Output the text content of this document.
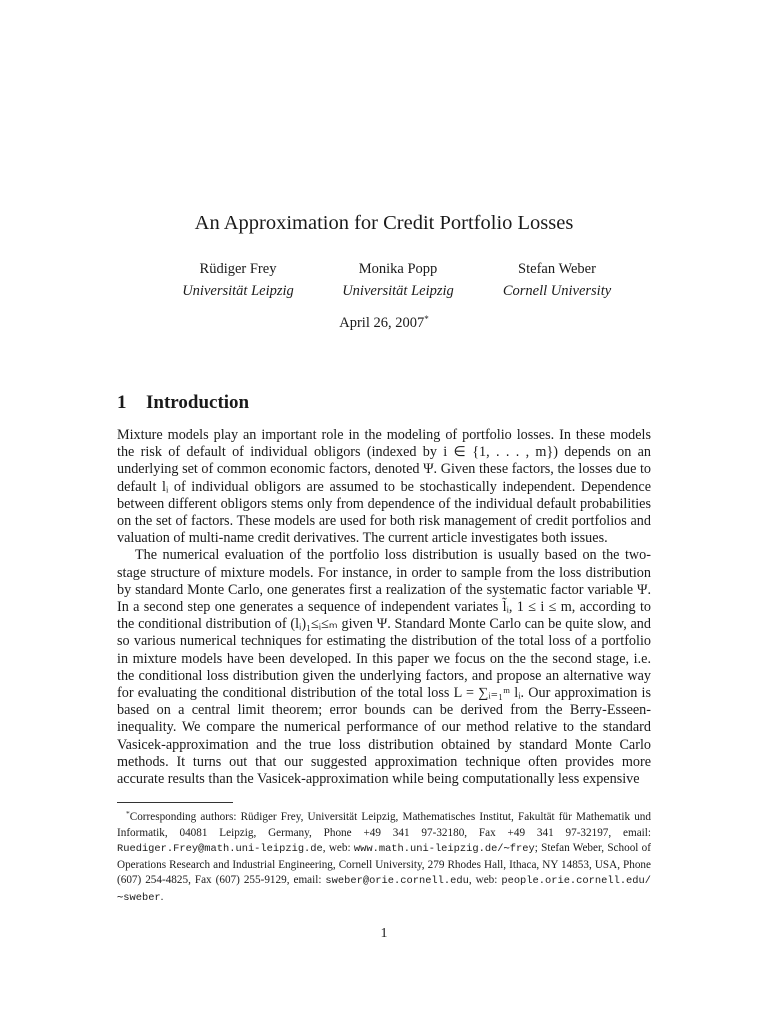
An Approximation for Credit Portfolio Losses
Rüdiger Frey
Universität Leipzig
Monika Popp
Universität Leipzig
Stefan Weber
Cornell University
April 26, 2007*
1 Introduction

Mixture models play an important role in the modeling of portfolio losses. In these models the risk of default of individual obligors (indexed by i ∈ {1, . . . , m}) depends on an underlying set of common economic factors, denoted Ψ. Given these factors, the losses due to default lᵢ of individual obligors are assumed to be stochastically independent. Dependence between different obligors stems only from dependence of the individual default probabilities on the set of factors. These models are used for both risk management of credit portfolios and valuation of multi-name credit derivatives. The current article investigates both issues.

The numerical evaluation of the portfolio loss distribution is usually based on the two-stage structure of mixture models. For instance, in order to sample from the loss distribution by standard Monte Carlo, one generates first a realization of the systematic factor variable Ψ. In a second step one generates a sequence of independent variates l̃ᵢ, 1 ≤ i ≤ m, according to the conditional distribution of (lᵢ)₁≤ᵢ≤ₘ given Ψ. Standard Monte Carlo can be quite slow, and so various numerical techniques for estimating the distribution of the total loss of a portfolio in mixture models have been developed. In this paper we focus on the the second stage, i.e. the conditional loss distribution given the underlying factors, and propose an alternative way for evaluating the conditional distribution of the total loss L = ∑ᵢ₌₁ᵐ lᵢ. Our approximation is based on a central limit theorem; error bounds can be derived from the Berry-Esseen-inequality. We compare the numerical performance of our method relative to the standard Vasicek-approximation and the true loss distribution obtained by standard Monte Carlo methods. It turns out that our suggested approximation technique often provides more accurate results than the Vasicek-approximation while being computationally less expensive

*Corresponding authors: Rüdiger Frey, Universität Leipzig, Mathematisches Institut, Fakultät für Mathematik und Informatik, 04081 Leipzig, Germany, Phone +49 341 97-32180, Fax +49 341 97-32197, email: Ruediger.Frey@math.uni-leipzig.de, web: www.math.uni-leipzig.de/∼frey; Stefan Weber, School of Operations Research and Industrial Engineering, Cornell University, 279 Rhodes Hall, Ithaca, NY 14853, USA, Phone (607) 254-4825, Fax (607) 255-9129, email: sweber@orie.cornell.edu, web: people.orie.cornell.edu/∼sweber.

1
